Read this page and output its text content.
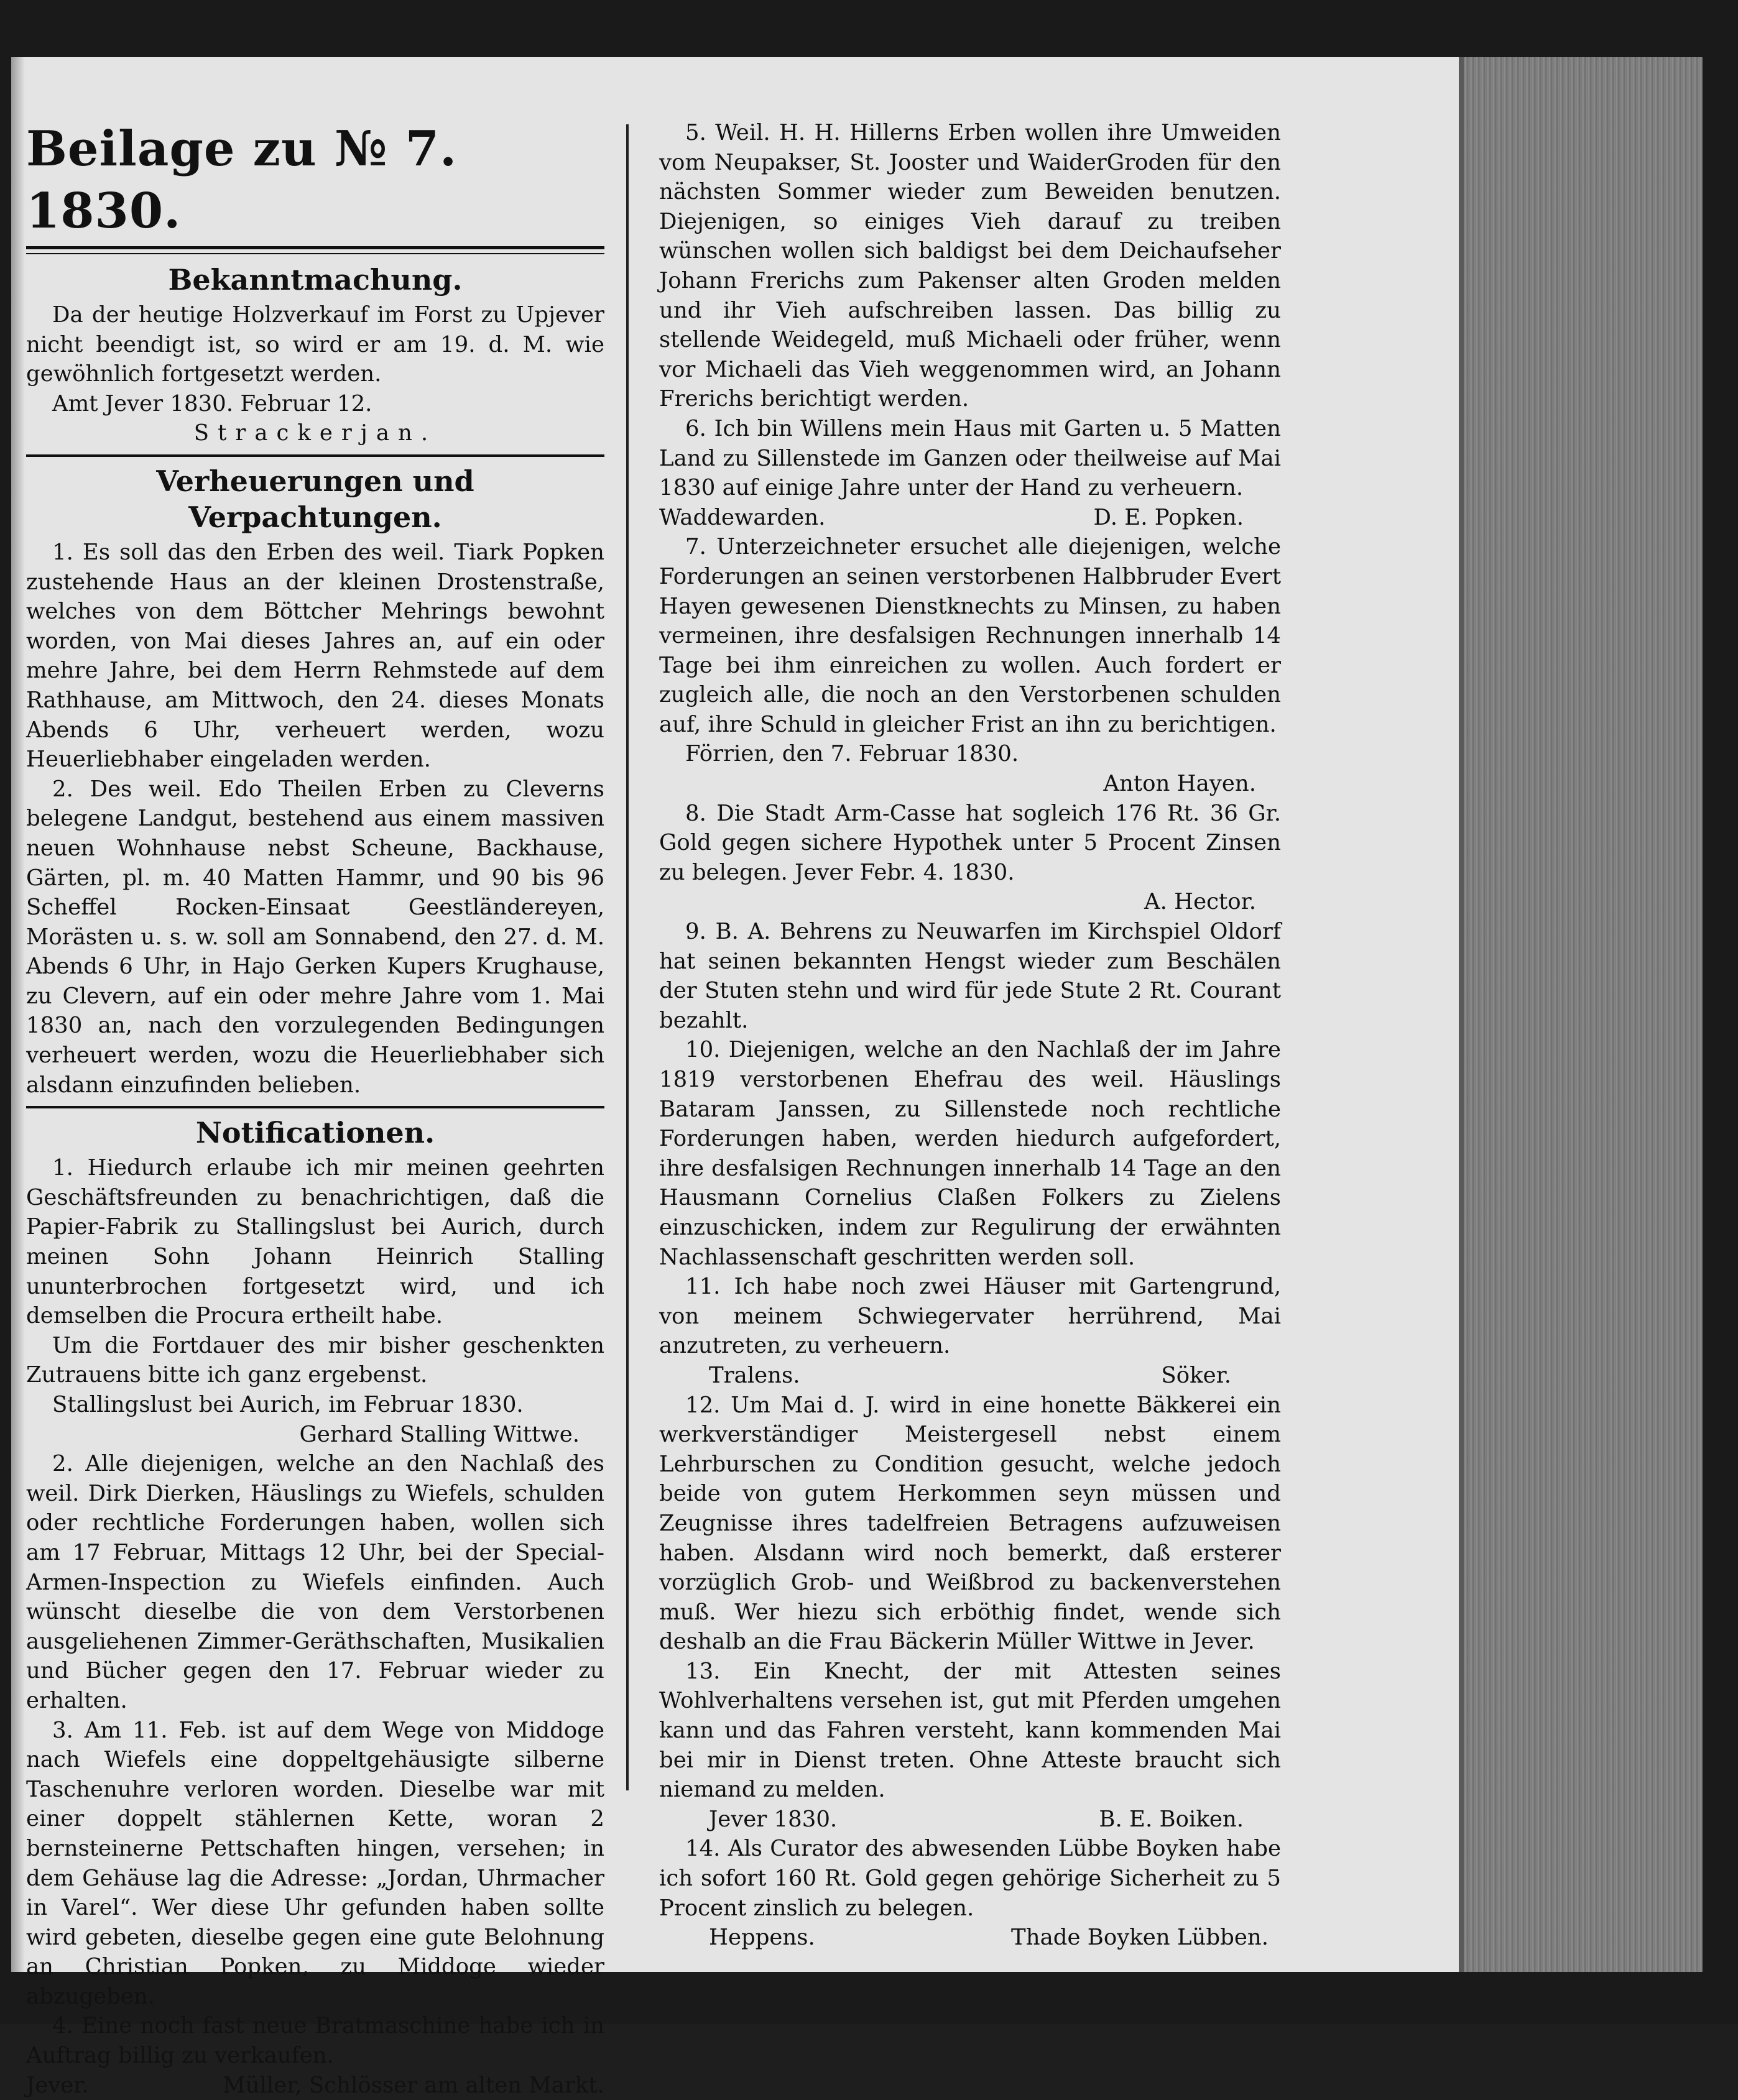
Beilage zu № 7. 1830.
Bekanntmachung.

Da der heutige Holzverkauf im Forst zu Upjever nicht beendigt ist, so wird er am 19. d. M. wie gewöhnlich fortgesetzt werden.

Amt Jever 1830. Februar 12.

Strackerjan.

Verheuerungen und Verpachtungen.

1. Es soll das den Erben des weil. Tiark Popken zustehende Haus an der kleinen Drostenstraße, welches von dem Böttcher Mehrings bewohnt worden, von Mai dieses Jahres an, auf ein oder mehre Jahre, bei dem Herrn Rehmstede auf dem Rathhause, am Mittwoch, den 24. dieses Monats Abends 6 Uhr, verheuert werden, wozu Heuerliebhaber eingeladen werden.

2. Des weil. Edo Theilen Erben zu Cleverns belegene Landgut, bestehend aus einem massiven neuen Wohnhause nebst Scheune, Backhause, Gärten, pl. m. 40 Matten Hammr, und 90 bis 96 Scheffel Rocken-Einsaat Geestländereyen, Morästen u. s. w. soll am Sonnabend, den 27. d. M. Abends 6 Uhr, in Hajo Gerken Kupers Krughause, zu Clevern, auf ein oder mehre Jahre vom 1. Mai 1830 an, nach den vorzulegenden Bedingungen verheuert werden, wozu die Heuerliebhaber sich alsdann einzufinden belieben.

Notificationen.

1. Hiedurch erlaube ich mir meinen geehrten Geschäftsfreunden zu benachrichtigen, daß die Papier-Fabrik zu Stallingslust bei Aurich, durch meinen Sohn Johann Heinrich Stalling ununterbrochen fortgesetzt wird, und ich demselben die Procura ertheilt habe.

Um die Fortdauer des mir bisher geschenkten Zutrauens bitte ich ganz ergebenst.

Stallingslust bei Aurich, im Februar 1830.

Gerhard Stalling Wittwe.

2. Alle diejenigen, welche an den Nachlaß des weil. Dirk Dierken, Häuslings zu Wiefels, schulden oder rechtliche Forderungen haben, wollen sich am 17 Februar, Mittags 12 Uhr, bei der Special-Armen-Inspection zu Wiefels einfinden. Auch wünscht dieselbe die von dem Verstorbenen ausgeliehenen Zimmer-Geräthschaften, Musikalien und Bücher gegen den 17. Februar wieder zu erhalten.

3. Am 11. Feb. ist auf dem Wege von Middoge nach Wiefels eine doppeltgehäusigte silberne Taschenuhre verloren worden. Dieselbe war mit einer doppelt stählernen Kette, woran 2 bernsteinerne Pettschaften hingen, versehen; in dem Gehäuse lag die Adresse: „Jordan, Uhrmacher in Varel“. Wer diese Uhr gefunden haben sollte wird gebeten, dieselbe gegen eine gute Belohnung an Christian Popken, zu Middoge wieder abzugeben.

4. Eine noch fast neue Bratmaschine habe ich in Auftrag billig zu verkaufen.

Jever.	Müller, Schlösser am alten Markt.

5. Weil. H. H. Hillerns Erben wollen ihre Umweiden vom Neupakser, St. Jooster und WaiderGroden für den nächsten Sommer wieder zum Beweiden benutzen. Diejenigen, so einiges Vieh darauf zu treiben wünschen wollen sich baldigst bei dem Deichaufseher Johann Frerichs zum Pakenser alten Groden melden und ihr Vieh aufschreiben lassen. Das billig zu stellende Weidegeld, muß Michaeli oder früher, wenn vor Michaeli das Vieh weggenommen wird, an Johann Frerichs berichtigt werden.

6. Ich bin Willens mein Haus mit Garten u. 5 Matten Land zu Sillenstede im Ganzen oder theilweise auf Mai 1830 auf einige Jahre unter der Hand zu verheuern.

Waddewarden.	D. E. Popken.

7. Unterzeichneter ersuchet alle diejenigen, welche Forderungen an seinen verstorbenen Halbbruder Evert Hayen gewesenen Dienstknechts zu Minsen, zu haben vermeinen, ihre desfalsigen Rechnungen innerhalb 14 Tage bei ihm einreichen zu wollen. Auch fordert er zugleich alle, die noch an den Verstorbenen schulden auf, ihre Schuld in gleicher Frist an ihn zu berichtigen.

Förrien, den 7. Februar 1830.

Anton Hayen.

8. Die Stadt Arm-Casse hat sogleich 176 Rt. 36 Gr. Gold gegen sichere Hypothek unter 5 Procent Zinsen zu belegen. Jever Febr. 4. 1830.

A. Hector.

9. B. A. Behrens zu Neuwarfen im Kirchspiel Oldorf hat seinen bekannten Hengst wieder zum Beschälen der Stuten stehn und wird für jede Stute 2 Rt. Courant bezahlt.

10. Diejenigen, welche an den Nachlaß der im Jahre 1819 verstorbenen Ehefrau des weil. Häuslings Bataram Janssen, zu Sillenstede noch rechtliche Forderungen haben, werden hiedurch aufgefordert, ihre desfalsigen Rechnungen innerhalb 14 Tage an den Hausmann Cornelius Claßen Folkers zu Zielens einzuschicken, indem zur Regulirung der erwähnten Nachlassenschaft geschritten werden soll.

11. Ich habe noch zwei Häuser mit Gartengrund, von meinem Schwiegervater herrührend, Mai anzutreten, zu verheuern.

Tralens.	Söker.

12. Um Mai d. J. wird in eine honette Bäkkerei ein werkverständiger Meistergesell nebst einem Lehrburschen zu Condition gesucht, welche jedoch beide von gutem Herkommen seyn müssen und Zeugnisse ihres tadelfreien Betragens aufzuweisen haben. Alsdann wird noch bemerkt, daß ersterer vorzüglich Grob- und Weißbrod zu backenverstehen muß. Wer hiezu sich erböthig findet, wende sich deshalb an die Frau Bäckerin Müller Wittwe in Jever.

13. Ein Knecht, der mit Attesten seines Wohlverhaltens versehen ist, gut mit Pferden umgehen kann und das Fahren versteht, kann kommenden Mai bei mir in Dienst treten. Ohne Atteste braucht sich niemand zu melden.

Jever 1830.	B. E. Boiken.

14. Als Curator des abwesenden Lübbe Boyken habe ich sofort 160 Rt. Gold gegen gehörige Sicherheit zu 5 Procent zinslich zu belegen.

Heppens.	Thade Boyken Lübben.
